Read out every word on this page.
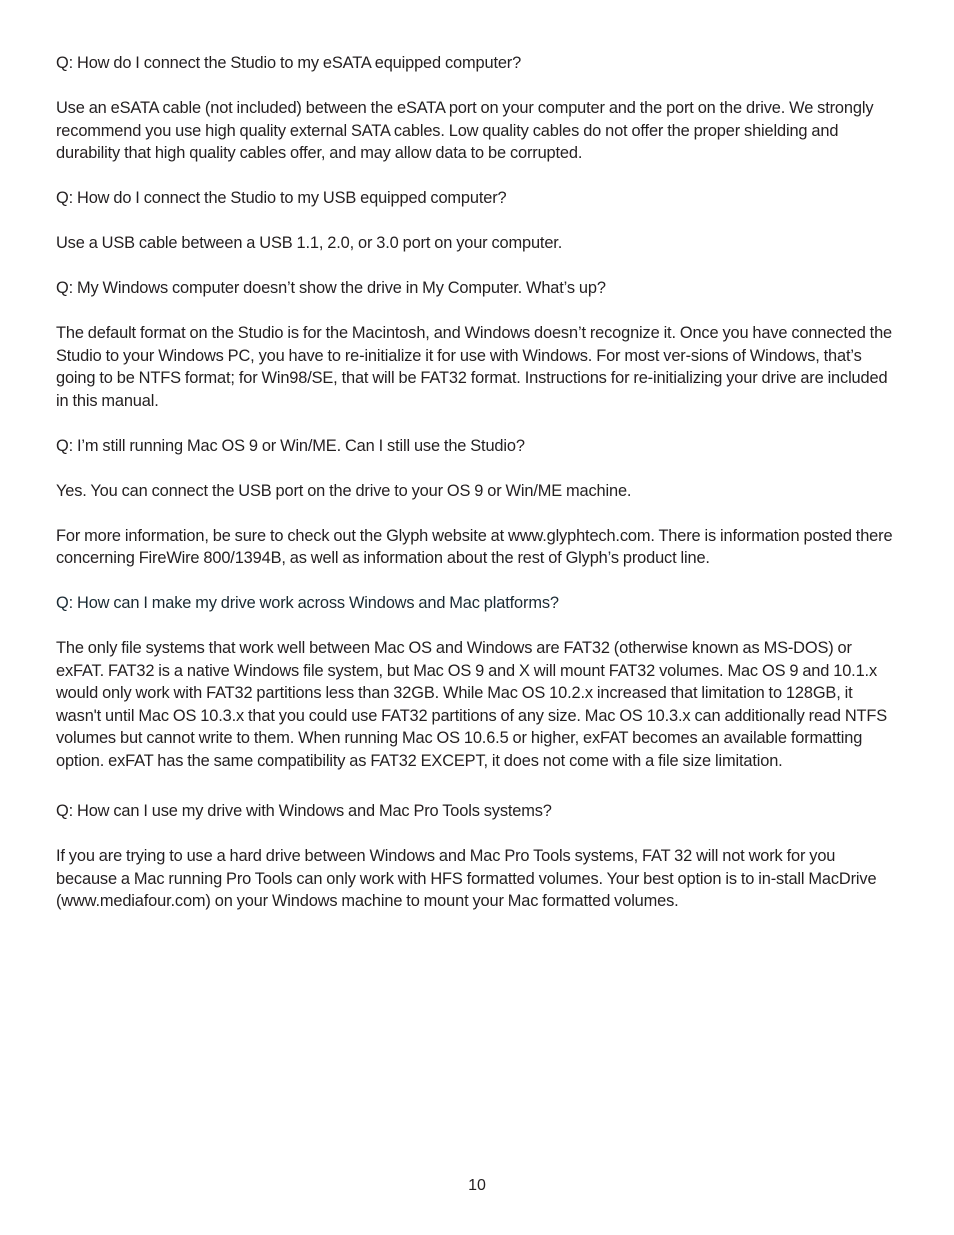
Q: How do I connect the Studio to my eSATA equipped computer?

Use an eSATA cable (not included) between the eSATA port on your computer and the port on the drive. We strongly recommend you use high quality external SATA cables. Low quality cables do not offer the proper shielding and durability that high quality cables offer, and may allow data to be corrupted.

Q: How do I connect the Studio to my USB equipped computer?

Use a USB cable between a USB 1.1, 2.0, or 3.0 port on your computer.

Q: My Windows computer doesn’t show the drive in My Computer. What’s up?

The default format on the Studio is for the Macintosh, and Windows doesn’t recognize it. Once you have connected the Studio to your Windows PC, you have to re-initialize it for use with Windows. For most ver-sions of Windows, that’s going to be NTFS format; for Win98/SE, that will be FAT32 format. Instructions for re-initializing your drive are included in this manual.

Q: I’m still running Mac OS 9 or Win/ME. Can I still use the Studio?

Yes. You can connect the USB port on the drive to your OS 9 or Win/ME machine.

For more information, be sure to check out the Glyph website at www.glyphtech.com. There is information posted there concerning FireWire 800/1394B, as well as information about the rest of Glyph’s product line.

Q: How can I make my drive work across Windows and Mac platforms?

The only file systems that work well between Mac OS and Windows are FAT32 (otherwise known as MS-DOS) or exFAT. FAT32 is a native Windows file system, but Mac OS 9 and X will mount FAT32 volumes. Mac OS 9 and 10.1.x would only work with FAT32 partitions less than 32GB. While Mac OS 10.2.x increased that limitation to 128GB, it wasn't until Mac OS 10.3.x that you could use FAT32 partitions of any size. Mac OS 10.3.x can additionally read NTFS volumes but cannot write to them. When running Mac OS 10.6.5 or higher, exFAT becomes an available formatting option. exFAT has the same compatibility as FAT32 EXCEPT, it does not come with a file size limitation.

Q: How can I use my drive with Windows and Mac Pro Tools systems?

If you are trying to use a hard drive between Windows and Mac Pro Tools systems, FAT 32 will not work for you because a Mac running Pro Tools can only work with HFS formatted volumes. Your best option is to in-stall MacDrive (www.mediafour.com) on your Windows machine to mount your Mac formatted volumes.

10
